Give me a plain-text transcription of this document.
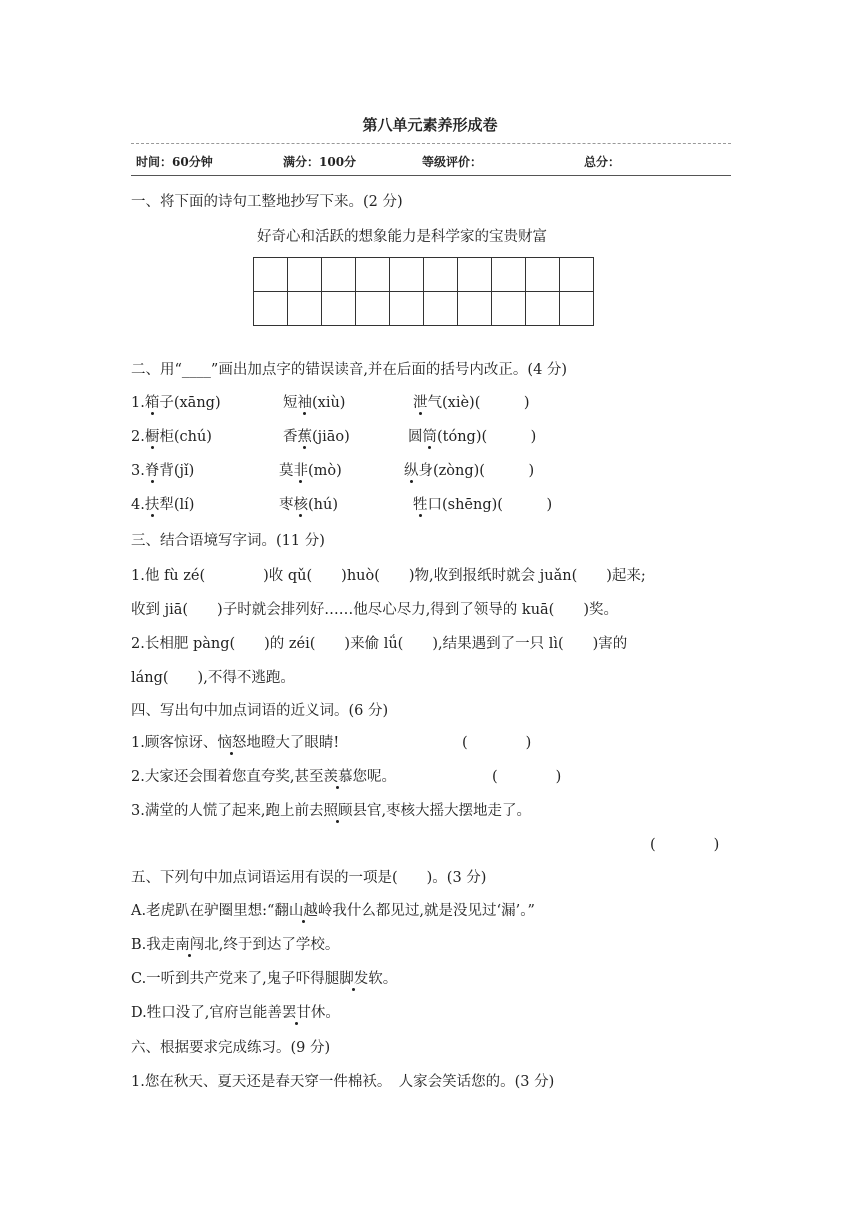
第八单元素养形成卷
时间：60分钟	满分：100分	等级评价：	总分：
一、将下面的诗句工整地抄写下来。(2 分)
好奇心和活跃的想象能力是科学家的宝贵财富

二、用“____”画出加点字的错误读音,并在后面的括号内改正。(4 分)
1.箱子(xāng)	短袖(xiù)	泄气(xiè)(　　　)
2.橱柜(chú)	香蕉(jiāo)	圆筒(tóng)(　　　)
3.脊背(jǐ)	莫非(mò)	纵身(zòng)(　　　)
4.扶犁(lí)	枣核(hú)	牲口(shēng)(　　　)
三、结合语境写字词。(11 分)
1.他 fù zé(　　　　)收 qǔ(　　)huò(　　)物,收到报纸时就会 juǎn(　　)起来;
收到 jiā(　　)子时就会排列好……他尽心尽力,得到了领导的 kuā(　　)奖。
2.长相肥 pàng(　　)的 zéi(　　)来偷 lǘ(　　),结果遇到了一只 lì(　　)害的
láng(　　),不得不逃跑。
四、写出句中加点词语的近义词。(6 分)
1.顾客惊讶、恼怒地瞪大了眼睛!	(　　　　)
2.大家还会围着您直夸奖,甚至羡慕您呢。	(　　　　)
3.满堂的人慌了起来,跑上前去照顾县官,枣核大摇大摆地走了。
(　　　　)
五、下列句中加点词语运用有误的一项是(　　)。(3 分)
A.老虎趴在驴圈里想:“翻山越岭我什么都见过,就是没见过‘漏’。”
B.我走南闯北,终于到达了学校。
C.一听到共产党来了,鬼子吓得腿脚发软。
D.牲口没了,官府岂能善罢甘休。
六、根据要求完成练习。(9 分)
1.您在秋天、夏天还是春天穿一件棉袄。　人家会笑话您的。(3 分)
